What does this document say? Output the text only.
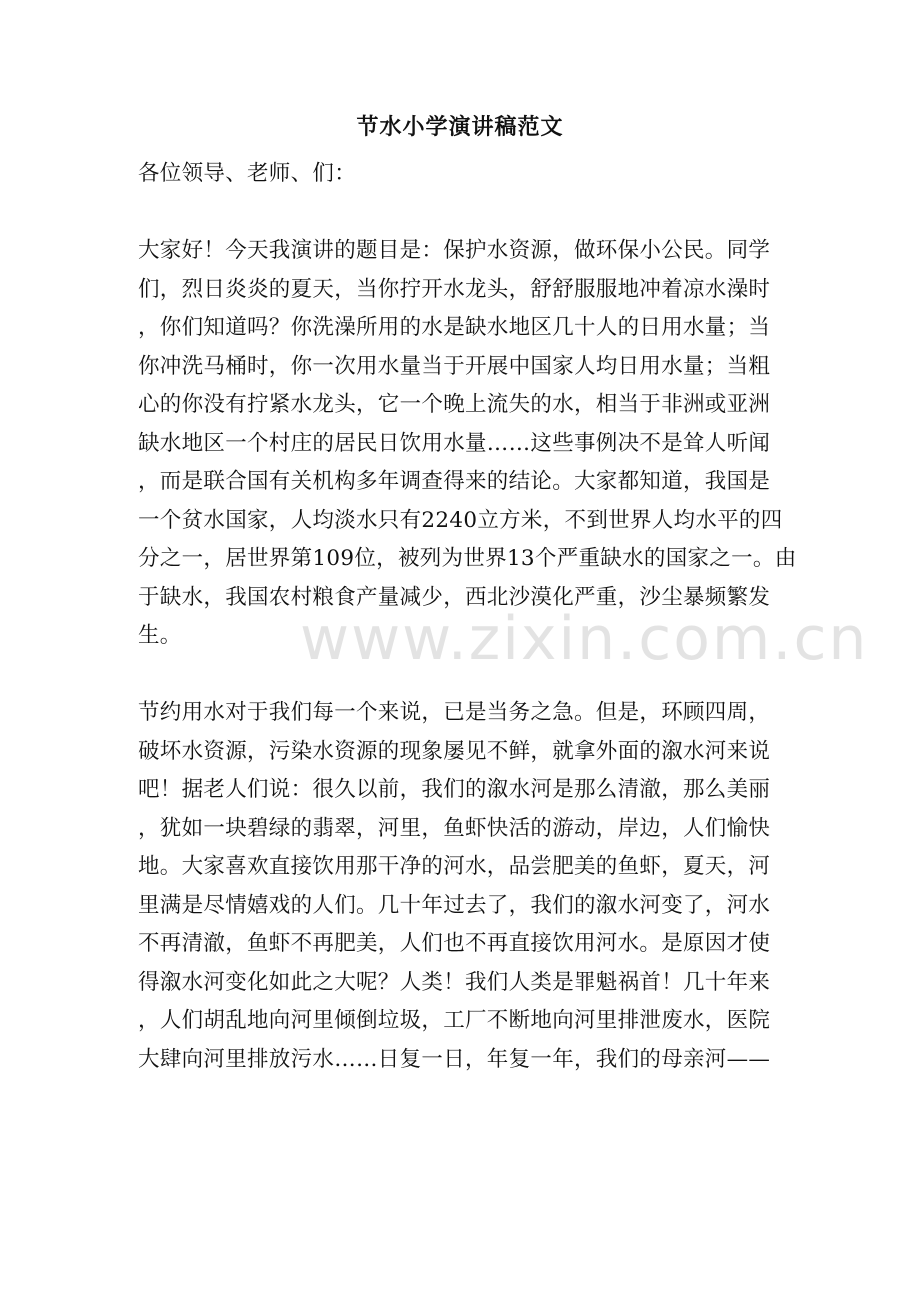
www.zixin.com.cn
节水小学演讲稿范文
各位领导、老师、们：
大家好！今天我演讲的题目是：保护水资源，做环保小公民。同学
们，烈日炎炎的夏天，当你拧开水龙头，舒舒服服地冲着凉水澡时
，你们知道吗？你洗澡所用的水是缺水地区几十人的日用水量；当
你冲洗马桶时，你一次用水量当于开展中国家人均日用水量；当粗
心的你没有拧紧水龙头，它一个晚上流失的水，相当于非洲或亚洲
缺水地区一个村庄的居民日饮用水量……这些事例决不是耸人听闻
，而是联合国有关机构多年调查得来的结论。大家都知道，我国是
一个贫水国家，人均淡水只有2240立方米，不到世界人均水平的四
分之一，居世界第109位，被列为世界13个严重缺水的国家之一。由
于缺水，我国农村粮食产量减少，西北沙漠化严重，沙尘暴频繁发
生。
节约用水对于我们每一个来说，已是当务之急。但是，环顾四周，
破坏水资源，污染水资源的现象屡见不鲜，就拿外面的溆水河来说
吧！据老人们说：很久以前，我们的溆水河是那么清澈，那么美丽
，犹如一块碧绿的翡翠，河里，鱼虾快活的游动，岸边，人们愉快
地。大家喜欢直接饮用那干净的河水，品尝肥美的鱼虾，夏天，河
里满是尽情嬉戏的人们。几十年过去了，我们的溆水河变了，河水
不再清澈，鱼虾不再肥美，人们也不再直接饮用河水。是原因才使
得溆水河变化如此之大呢？人类！我们人类是罪魁祸首！几十年来
，人们胡乱地向河里倾倒垃圾，工厂不断地向河里排泄废水，医院
大肆向河里排放污水……日复一日，年复一年，我们的母亲河——
